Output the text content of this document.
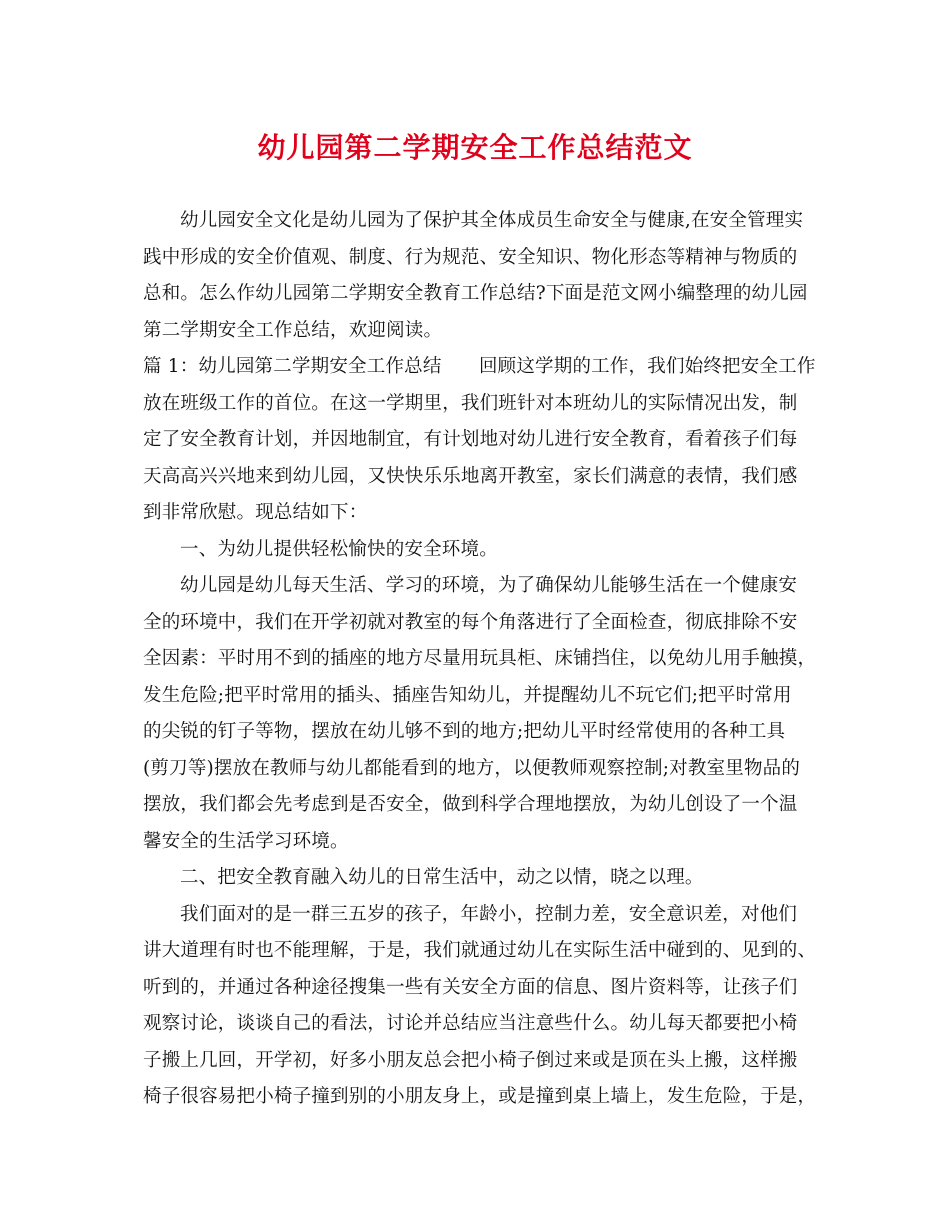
幼儿园第二学期安全工作总结范文
幼儿园安全文化是幼儿园为了保护其全体成员生命安全与健康,在安全管理实
践中形成的安全价值观、制度、行为规范、安全知识、物化形态等精神与物质的
总和。怎么作幼儿园第二学期安全教育工作总结?下面是范文网小编整理的幼儿园
第二学期安全工作总结，欢迎阅读。
篇 1：幼儿园第二学期安全工作总结　　回顾这学期的工作，我们始终把安全工作
放在班级工作的首位。在这一学期里，我们班针对本班幼儿的实际情况出发，制
定了安全教育计划，并因地制宜，有计划地对幼儿进行安全教育，看着孩子们每
天高高兴兴地来到幼儿园，又快快乐乐地离开教室，家长们满意的表情，我们感
到非常欣慰。现总结如下：
一、为幼儿提供轻松愉快的安全环境。
幼儿园是幼儿每天生活、学习的环境，为了确保幼儿能够生活在一个健康安
全的环境中，我们在开学初就对教室的每个角落进行了全面检查，彻底排除不安
全因素：平时用不到的插座的地方尽量用玩具柜、床铺挡住，以免幼儿用手触摸，
发生危险;把平时常用的插头、插座告知幼儿，并提醒幼儿不玩它们;把平时常用
的尖锐的钉子等物，摆放在幼儿够不到的地方;把幼儿平时经常使用的各种工具
(剪刀等)摆放在教师与幼儿都能看到的地方，以便教师观察控制;对教室里物品的
摆放，我们都会先考虑到是否安全，做到科学合理地摆放，为幼儿创设了一个温
馨安全的生活学习环境。
二、把安全教育融入幼儿的日常生活中，动之以情，晓之以理。
我们面对的是一群三五岁的孩子，年龄小，控制力差，安全意识差，对他们
讲大道理有时也不能理解，于是，我们就通过幼儿在实际生活中碰到的、见到的、
听到的，并通过各种途径搜集一些有关安全方面的信息、图片资料等，让孩子们
观察讨论，谈谈自己的看法，讨论并总结应当注意些什么。幼儿每天都要把小椅
子搬上几回，开学初，好多小朋友总会把小椅子倒过来或是顶在头上搬，这样搬
椅子很容易把小椅子撞到别的小朋友身上，或是撞到桌上墙上，发生危险，于是，
